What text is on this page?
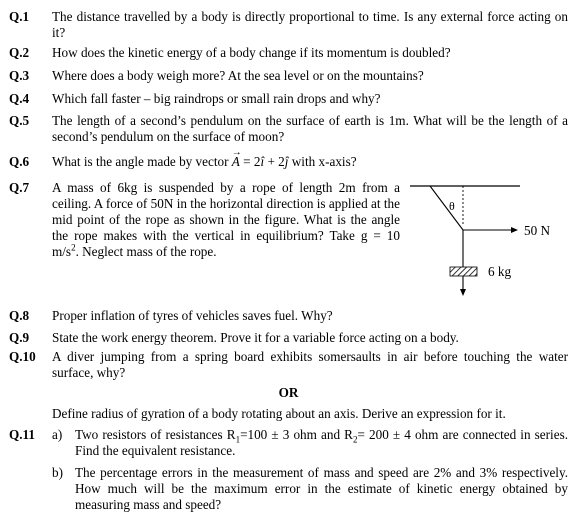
Q.1 The distance travelled by a body is directly proportional to time. Is any external force acting on it?
Q.2 How does the kinetic energy of a body change if its momentum is doubled?
Q.3 Where does a body weigh more? At the sea level or on the mountains?
Q.4 Which fall faster – big raindrops or small rain drops and why?
Q.5 The length of a second’s pendulum on the surface of earth is 1m. What will be the length of a second’s pendulum on the surface of moon?
Q.6 What is the angle made by vector → A = 2î + 2ĵ with x-axis?
Q.7 A mass of 6kg is suspended by a rope of length 2m from a ceiling. A force of 50N in the horizontal direction is applied at the mid point of the rope as shown in the figure. What is the angle the rope makes with the vertical in equilibrium? Take g = 10 $m/s^2$. Neglect mass of the rope.
θ
50 N
6 kg
Q.8 Proper inflation of tyres of vehicles saves fuel. Why?
Q.9 State the work energy theorem. Prove it for a variable force acting on a body.
Q.10 A diver jumping from a spring board exhibits somersaults in air before touching the water surface, why?
OR
Define radius of gyration of a body rotating about an axis. Derive an expression for it.
Q.11 a) Two resistors of resistances $R_1=100 \pm 3$ ohm and $R_2= 200 \pm 4$ ohm are connected in series. Find the equivalent resistance.
b) The percentage errors in the measurement of mass and speed are 2% and 3% respectively. How much will be the maximum error in the estimate of kinetic energy obtained by measuring mass and speed?
